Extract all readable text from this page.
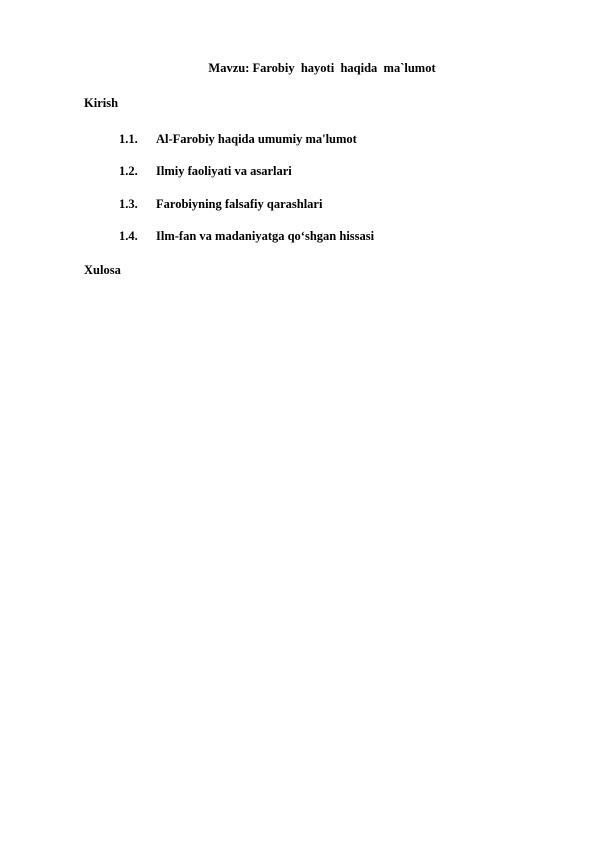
Mavzu: Farobiy  hayoti  haqida  ma`lumot
Kirish
1.1.	Al-Farobiy haqida umumiy ma'lumot
1.2.	Ilmiy faoliyati va asarlari
1.3.	Farobiyning falsafiy qarashlari
1.4.	Ilm-fan va madaniyatga qo‘shgan hissasi
Xulosa
